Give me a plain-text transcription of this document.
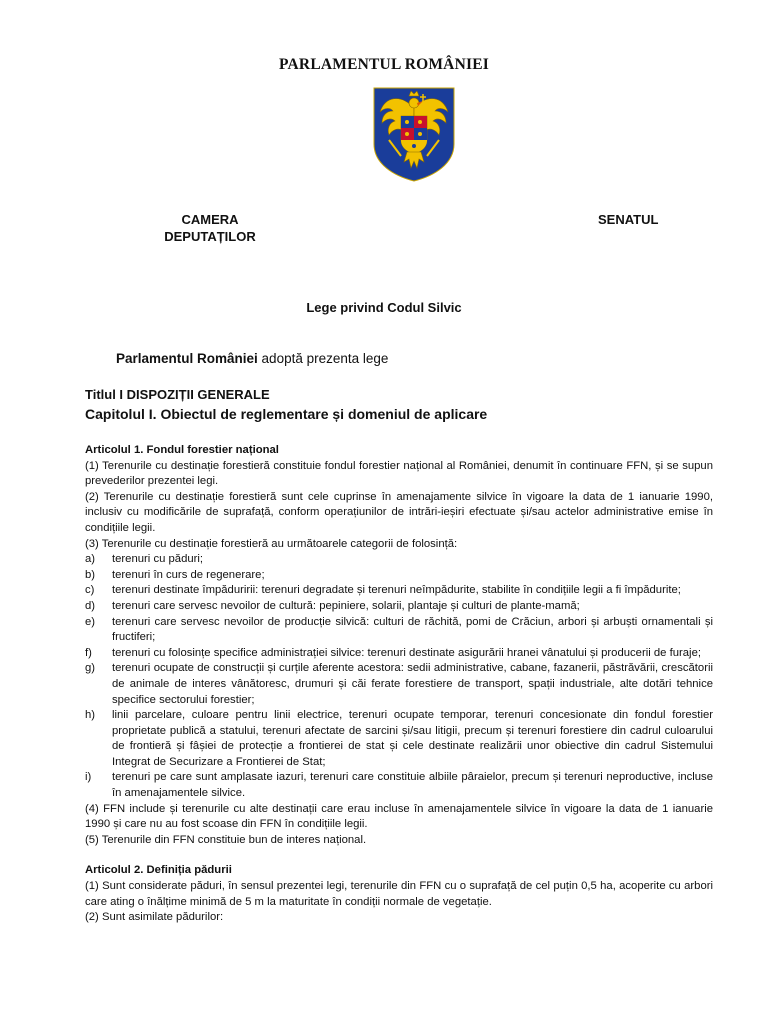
PARLAMENTUL ROMÂNIEI
CAMERA DEPUTAȚILOR
SENATUL
Lege privind Codul Silvic
Parlamentul României adoptă prezenta lege
Titlul I DISPOZIȚII GENERALE
Capitolul I. Obiectul de reglementare și domeniul de aplicare

Articolul 1. Fondul forestier național

(1) Terenurile cu destinație forestieră constituie fondul forestier național al României, denumit în continuare FFN, și se supun prevederilor prezentei legi.

(2) Terenurile cu destinație forestieră sunt cele cuprinse în amenajamente silvice în vigoare la data de 1 ianuarie 1990, inclusiv cu modificările de suprafață, conform operațiunilor de intrări-ieșiri efectuate și/sau actelor administrative emise în condițiile legii.

(3) Terenurile cu destinație forestieră au următoarele categorii de folosință:

a) terenuri cu păduri;
b) terenuri în curs de regenerare;
c) terenuri destinate împăduririi: terenuri degradate și terenuri neîmpădurite, stabilite în condițiile legii a fi împădurite;
d) terenuri care servesc nevoilor de cultură: pepiniere, solarii, plantaje și culturi de plante-mamă;
e) terenuri care servesc nevoilor de producție silvică: culturi de răchită, pomi de Crăciun, arbori și arbuști ornamentali și fructiferi;
f) terenuri cu folosințe specifice administrației silvice: terenuri destinate asigurării hranei vânatului și producerii de furaje;
g) terenuri ocupate de construcții și curțile aferente acestora: sedii administrative, cabane, fazanerii, păstrăvării, crescătorii de animale de interes vânătoresc, drumuri și căi ferate forestiere de transport, spații industriale, alte dotări tehnice specifice sectorului forestier;
h) linii parcelare, culoare pentru linii electrice, terenuri ocupate temporar, terenuri concesionate din fondul forestier proprietate publică a statului, terenuri afectate de sarcini și/sau litigii, precum și terenuri forestiere din cadrul culoarului de frontieră și fâșiei de protecție a frontierei de stat și cele destinate realizării unor obiective din cadrul Sistemului Integrat de Securizare a Frontierei de Stat;
i) terenuri pe care sunt amplasate iazuri, terenuri care constituie albiile pâraielor, precum și terenuri neproductive, incluse în amenajamentele silvice.

(4) FFN include și terenurile cu alte destinații care erau incluse în amenajamentele silvice în vigoare la data de 1 ianuarie 1990 și care nu au fost scoase din FFN în condițiile legii.

(5) Terenurile din FFN constituie bun de interes național.

Articolul 2. Definiția pădurii

(1) Sunt considerate păduri, în sensul prezentei legi, terenurile din FFN cu o suprafață de cel puțin 0,5 ha, acoperite cu arbori care ating o înălțime minimă de 5 m la maturitate în condiții normale de vegetație.

(2) Sunt asimilate pădurilor:
